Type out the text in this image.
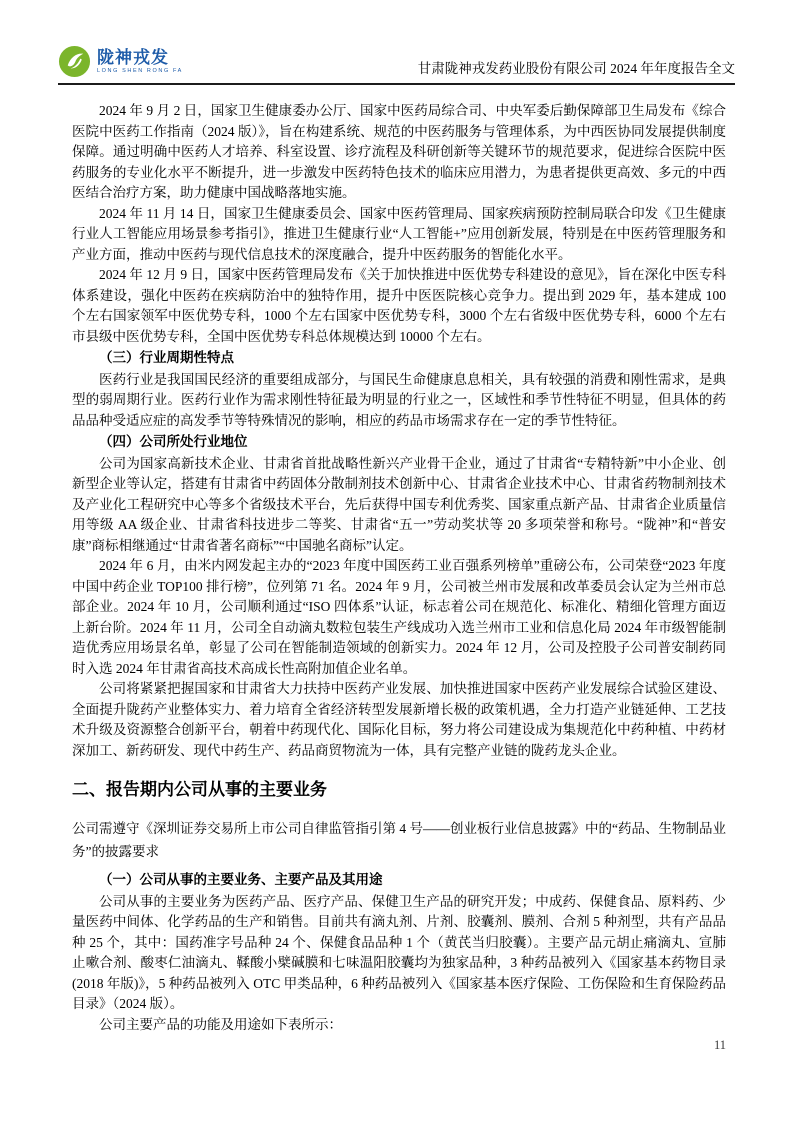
陇神戎发
LONG SHEN RONG FA	甘肃陇神戎发药业股份有限公司 2024 年年度报告全文

2024 年 9 月 2 日，国家卫生健康委办公厅、国家中医药局综合司、中央军委后勤保障部卫生局发布《综合医院中医药工作指南（2024 版）》，旨在构建系统、规范的中医药服务与管理体系，为中西医协同发展提供制度保障。通过明确中医药人才培养、科室设置、诊疗流程及科研创新等关键环节的规范要求，促进综合医院中医药服务的专业化水平不断提升，进一步激发中医药特色技术的临床应用潜力，为患者提供更高效、多元的中西医结合治疗方案，助力健康中国战略落地实施。

2024 年 11 月 14 日，国家卫生健康委员会、国家中医药管理局、国家疾病预防控制局联合印发《卫生健康行业人工智能应用场景参考指引》，推进卫生健康行业“人工智能+”应用创新发展，特别是在中医药管理服务和产业方面，推动中医药与现代信息技术的深度融合，提升中医药服务的智能化水平。

2024 年 12 月 9 日，国家中医药管理局发布《关于加快推进中医优势专科建设的意见》，旨在深化中医专科体系建设，强化中医药在疾病防治中的独特作用，提升中医医院核心竞争力。提出到 2029 年，基本建成 100 个左右国家领军中医优势专科，1000 个左右国家中医优势专科，3000 个左右省级中医优势专科，6000 个左右市县级中医优势专科，全国中医优势专科总体规模达到 10000 个左右。

（三）行业周期性特点

医药行业是我国国民经济的重要组成部分，与国民生命健康息息相关，具有较强的消费和刚性需求，是典型的弱周期行业。医药行业作为需求刚性特征最为明显的行业之一，区域性和季节性特征不明显，但具体的药品品种受适应症的高发季节等特殊情况的影响，相应的药品市场需求存在一定的季节性特征。

（四）公司所处行业地位

公司为国家高新技术企业、甘肃省首批战略性新兴产业骨干企业，通过了甘肃省“专精特新”中小企业、创新型企业等认定，搭建有甘肃省中药固体分散制剂技术创新中心、甘肃省企业技术中心、甘肃省药物制剂技术及产业化工程研究中心等多个省级技术平台，先后获得中国专利优秀奖、国家重点新产品、甘肃省企业质量信用等级 AA 级企业、甘肃省科技进步二等奖、甘肃省“五一”劳动奖状等 20 多项荣誉和称号。“陇神”和“普安康”商标相继通过“甘肃省著名商标”“中国驰名商标”认定。

2024 年 6 月，由米内网发起主办的“2023 年度中国医药工业百强系列榜单”重磅公布，公司荣登“2023 年度中国中药企业 TOP100 排行榜”，位列第 71 名。2024 年 9 月，公司被兰州市发展和改革委员会认定为兰州市总部企业。2024 年 10 月，公司顺利通过“ISO 四体系”认证，标志着公司在规范化、标准化、精细化管理方面迈上新台阶。2024 年 11 月，公司全自动滴丸数粒包装生产线成功入选兰州市工业和信息化局 2024 年市级智能制造优秀应用场景名单，彰显了公司在智能制造领域的创新实力。2024 年 12 月，公司及控股子公司普安制药同时入选 2024 年甘肃省高技术高成长性高附加值企业名单。

公司将紧紧把握国家和甘肃省大力扶持中医药产业发展、加快推进国家中医药产业发展综合试验区建设、全面提升陇药产业整体实力、着力培育全省经济转型发展新增长极的政策机遇，全力打造产业链延伸、工艺技术升级及资源整合创新平台，朝着中药现代化、国际化目标，努力将公司建设成为集规范化中药种植、中药材深加工、新药研发、现代中药生产、药品商贸物流为一体，具有完整产业链的陇药龙头企业。

二、报告期内公司从事的主要业务

公司需遵守《深圳证券交易所上市公司自律监管指引第 4 号——创业板行业信息披露》中的“药品、生物制品业务”的披露要求

（一）公司从事的主要业务、主要产品及其用途

公司从事的主要业务为医药产品、医疗产品、保健卫生产品的研究开发；中成药、保健食品、原料药、少量医药中间体、化学药品的生产和销售。目前共有滴丸剂、片剂、胶囊剂、膜剂、合剂 5 种剂型，共有产品品种 25 个，其中：国药准字号品种 24 个、保健食品品种 1 个（黄芪当归胶囊）。主要产品元胡止痛滴丸、宣肺止嗽合剂、酸枣仁油滴丸、鞣酸小檗碱膜和七味温阳胶囊均为独家品种，3 种药品被列入《国家基本药物目录(2018 年版)》，5 种药品被列入 OTC 甲类品种，6 种药品被列入《国家基本医疗保险、工伤保险和生育保险药品目录》（2024 版）。

公司主要产品的功能及用途如下表所示：

11
